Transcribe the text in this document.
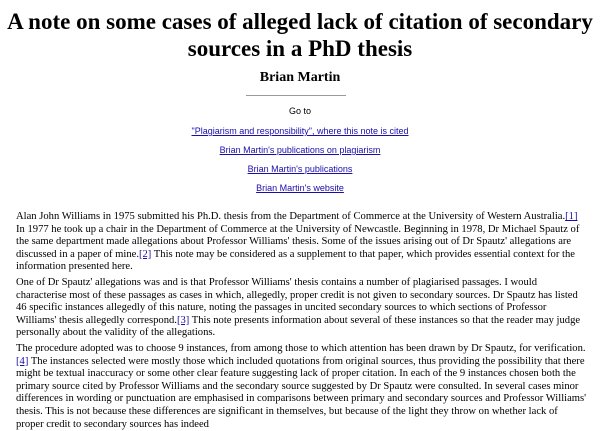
A note on some cases of alleged lack of citation of secondary sources in a PhD thesis

Brian Martin

Go to

"Plagiarism and responsibility", where this note is cited

Brian Martin's publications on plagiarism

Brian Martin's publications

Brian Martin's website

Alan John Williams in 1975 submitted his Ph.D. thesis from the Department of Commerce at the University of Western Australia.[1] In 1977 he took up a chair in the Department of Commerce at the University of Newcastle. Beginning in 1978, Dr Michael Spautz of the same department made allegations about Professor Williams' thesis. Some of the issues arising out of Dr Spautz' allegations are discussed in a paper of mine.[2] This note may be considered as a supplement to that paper, which provides essential context for the information presented here.

One of Dr Spautz' allegations was and is that Professor Williams' thesis contains a number of plagiarised passages. I would characterise most of these passages as cases in which, allegedly, proper credit is not given to secondary sources. Dr Spautz has listed 46 specific instances allegedly of this nature, noting the passages in uncited secondary sources to which sections of Professor Williams' thesis allegedly correspond.[3] This note presents information about several of these instances so that the reader may judge personally about the validity of the allegations.

The procedure adopted was to choose 9 instances, from among those to which attention has been drawn by Dr Spautz, for verification.[4] The instances selected were mostly those which included quotations from original sources, thus providing the possibility that there might be textual inaccuracy or some other clear feature suggesting lack of proper citation. In each of the 9 instances chosen both the primary source cited by Professor Williams and the secondary source suggested by Dr Spautz were consulted. In several cases minor differences in wording or punctuation are emphasised in comparisons between primary and secondary sources and Professor Williams' thesis. This is not because these differences are significant in themselves, but because of the light they throw on whether lack of proper credit to secondary sources has indeed
